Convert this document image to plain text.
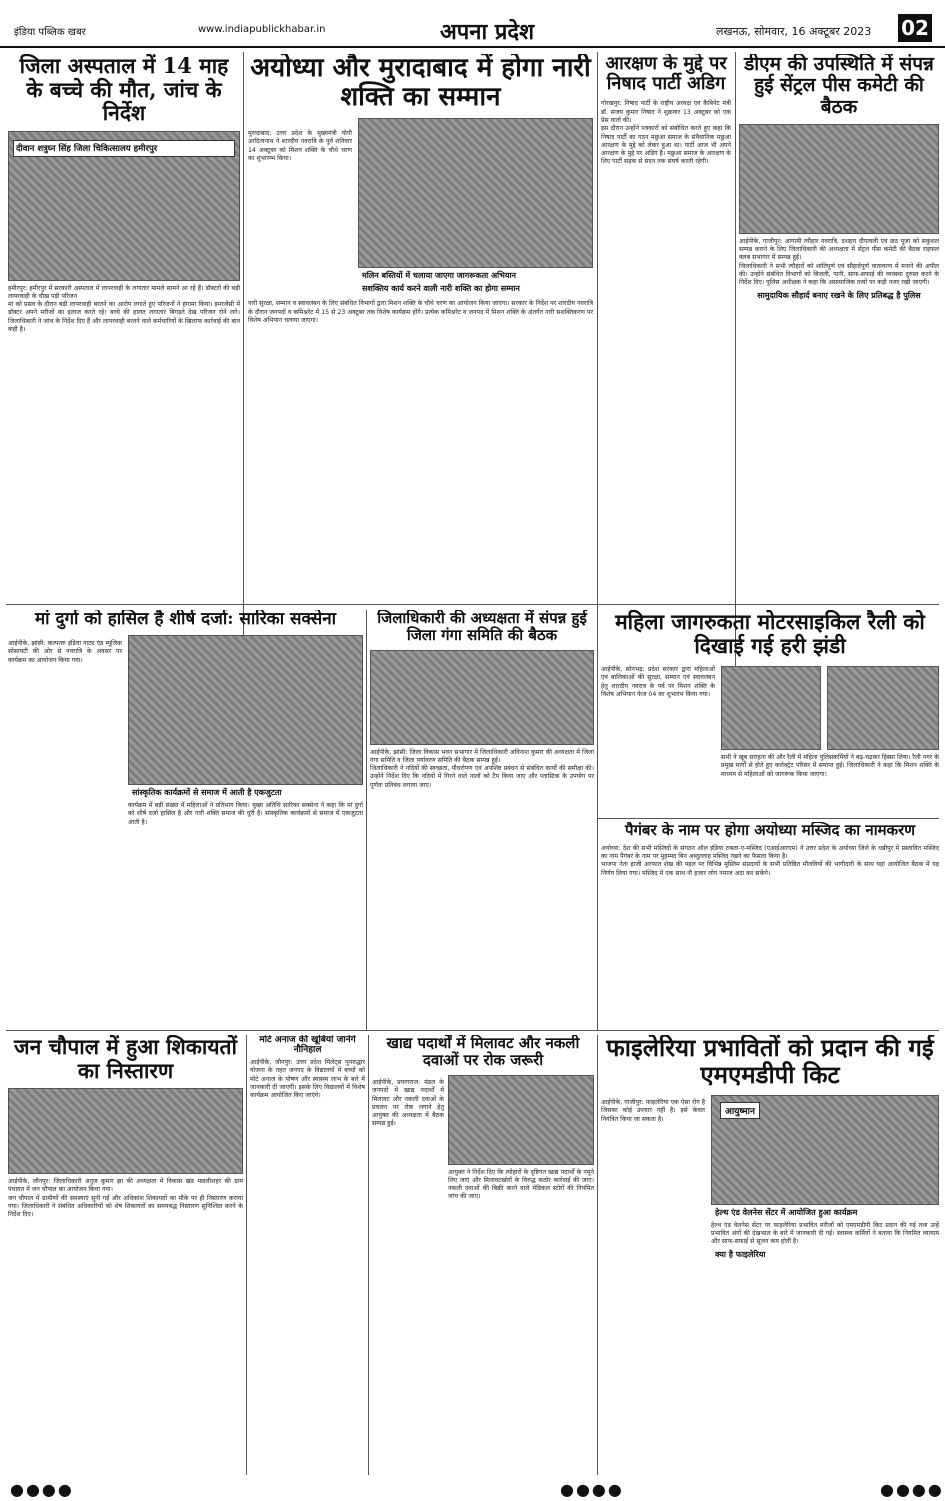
इंडिया पब्लिक खबर	www.indiapublickhabar.in	अपना प्रदेश	लखनऊ, सोमवार, 16 अक्टूबर 2023 02
जिला अस्पताल में 14 माह के बच्चे की मौत, जांच के निर्देश
दीवान शत्रुघ्न सिंह जिला चिकित्सालय हमीरपुर
हमीरपुर: हमीरपुर में सरकारी अस्पताल में लापरवाही के लगातार मामले सामने आ रहे हैं। डॉक्टरों की बड़ी लापरवाही के चीख पड़ी परिजन
मां को प्रसव के दौरान बड़ी लापरवाही बरतने का आरोप लगाते हुए परिजनों ने हंगामा किया। इमरजेंसी में डॉक्टर अपने मरीजों का इलाज करते रहे। बच्चे की हालत लगातार बिगड़ते देख परिजन रोने लगे। जिलाधिकारी ने जांच के निर्देश दिए हैं और लापरवाही बरतने वाले कर्मचारियों के खिलाफ कार्रवाई की बात कही है।
अयोध्या और मुरादाबाद में होगा नारी शक्ति का सम्मान
मुरादाबाद: उत्तर प्रदेश के मुख्यमंत्री योगी आदित्यनाथ ने शारदीय नवरात्रि के पूर्व शनिवार 14 अक्टूबर को मिशन शक्ति के चौथे चरण का शुभारम्भ किया।
मलिन बस्तियों में चलाया जाएगा जागरूकता अभियान
सशक्तिय कार्य करने वाली नारी शक्ति का होगा सम्मान
नारी सुरक्षा, सम्मान व स्वावलंबन के लिए संबंधित विभागों द्वारा मिशन शक्ति के चौथे चरण का आयोजन किया जाएगा। सरकार के निर्देश पर शारदीय नवरात्रि के दौरान जनपदों व कमिश्नरेट में 15 से 23 अक्टूबर तक विशेष कार्यक्रम होंगे। प्रत्येक कमिश्नरेट व जनपद में मिशन शक्ति के अंतर्गत नारी सशक्तिकरण पर विशेष अभियान चलाया जाएगा।
आरक्षण के मुद्दे पर निषाद पार्टी अडिग
गोरखपुर: निषाद पार्टी के राष्ट्रीय अध्यक्ष एवं कैबिनेट मंत्री डॉ. संजय कुमार निषाद ने शुक्रवार 13 अक्टूबर को एक प्रेस वार्ता की।
इस दौरान उन्होंने पत्रकारों को संबोधित करते हुए कहा कि निषाद पार्टी का गठन मछुआ समाज के संवैधानिक मछुआ आरक्षण के मुद्दे को लेकर हुआ था। पार्टी आज भी अपने आरक्षण के मुद्दे पर अडिग है। मछुआ समाज के आरक्षण के लिए पार्टी सड़क से सदन तक संघर्ष करती रहेगी।
डीएम की उपस्थिति में संपन्न हुई सेंट्रल पीस कमेटी की बैठक
आईपीके, गाजीपुर: आगामी त्यौहार नवरात्रि, दशहरा दीपावली एवं छठ पूजा को सकुशल सम्पन्न कराने के लिए जिलाधिकारी की अध्यक्षता में सेंट्रल पीस कमेटी की बैठक राइफल क्लब सभागार में सम्पन्न हुई।
जिलाधिकारी ने सभी त्यौहारों को शांतिपूर्ण एवं सौहार्दपूर्ण वातावरण में मनाने की अपील की। उन्होंने संबंधित विभागों को बिजली, पानी, साफ-सफाई की व्यवस्था दुरुस्त करने के निर्देश दिए। पुलिस अधीक्षक ने कहा कि असामाजिक तत्वों पर कड़ी नजर रखी जाएगी।
सामुदायिक सौहार्द बनाए रखने के लिए प्रतिबद्ध है पुलिस
मां दुर्गा को हासिल है शीर्ष दर्जा: सारिका सक्सेना
आईपीके, झांसी: कल्पतरु इंडिया नाट्य एंड म्यूजिक सोसायटी की ओर से नवरात्रि के अवसर पर कार्यक्रम का आयोजन किया गया।
सांस्कृतिक कार्यक्रमों से समाज में आती है एकजुटता
कार्यक्रम में बड़ी संख्या में महिलाओं ने प्रतिभाग किया। मुख्य अतिथि सारिका सक्सेना ने कहा कि मां दुर्गा को शीर्ष दर्जा हासिल है और नारी शक्ति समाज की धुरी है। सांस्कृतिक कार्यक्रमों से समाज में एकजुटता आती है।
जिलाधिकारी की अध्यक्षता में संपन्न हुई जिला गंगा समिति की बैठक
आईपीके, झांसी: जिला विकास भवन सभागार में जिलाधिकारी अविनाश कुमार की अध्यक्षता में जिला गंगा समिति व जिला पर्यावरण समिति की बैठक सम्पन्न हुई।
जिलाधिकारी ने नदियों की स्वच्छता, पौधरोपण एवं अपशिष्ट प्रबंधन से संबंधित कार्यों की समीक्षा की। उन्होंने निर्देश दिए कि नदियों में गिरने वाले नालों को टैप किया जाए और प्लास्टिक के उपयोग पर पूर्णतः प्रतिबंध लगाया जाए।
महिला जागरुकता मोटरसाइकिल रैली को दिखाई गई हरी झंडी
आईपीके, सोनभद्र: प्रदेश सरकार द्वारा महिलाओं एवं बालिकाओं की सुरक्षा, सम्मान एवं स्वावलंबन हेतु शारदीय नवरात्र के पर्व पर मिशन शक्ति के विशेष अभियान फेज 04 का शुभारंभ किया गया।
सभी ने खूब सराहना की और रैली में महिला पुलिसकर्मियों ने बढ़-चढ़कर हिस्सा लिया। रैली नगर के प्रमुख मार्गों से होते हुए कलेक्ट्रेट परिसर में समाप्त हुई। जिलाधिकारी ने कहा कि मिशन शक्ति के माध्यम से महिलाओं को जागरूक किया जाएगा।
पैगंबर के नाम पर होगा अयोध्या मस्जिद का नामकरण
अयोध्या: देश की सभी मस्जिदों के संगठन ऑल इंडिया राबता-ए-मस्जिद (एआईआरएम) ने उत्तर प्रदेश के अयोध्या जिले के धन्नीपुर में प्रस्तावित मस्जिद का नाम पैगंबर के नाम पर मुहम्मद बिन अब्दुल्लाह मस्जिद रखने का फैसला किया है।
भाजपा नेता हाजी अरफात शेख की पहल पर विभिन्न मुस्लिम संप्रदायों के सभी प्रतिष्ठित मौलवियों की भागीदारी के साथ यहां आयोजित बैठक में यह निर्णय लिया गया। मस्जिद में एक साथ नौ हजार लोग नमाज अदा कर सकेंगे।
जन चौपाल में हुआ शिकायतों का निस्तारण
आईपीके, जौनपुर: जिलाधिकारी अनुज कुमार झा की अध्यक्षता में विकास खंड मछलीशहर की ग्राम पंचायत में जन चौपाल का आयोजन किया गया।
जन चौपाल में ग्रामीणों की समस्याएं सुनी गईं और अधिकांश शिकायतों का मौके पर ही निस्तारण कराया गया। जिलाधिकारी ने संबंधित अधिकारियों को शेष शिकायतों का समयबद्ध निस्तारण सुनिश्चित करने के निर्देश दिए।
मोटे अनाज की खूबियां जानेंगे नौनिहाल
आईपीके, जौनपुर: उत्तर प्रदेश मिलेट्स पुनरुद्धार योजना के तहत जनपद के विद्यालयों में बच्चों को मोटे अनाज के पोषण और स्वास्थ्य लाभ के बारे में जानकारी दी जाएगी। इसके लिए विद्यालयों में विशेष कार्यक्रम आयोजित किए जाएंगे।
खाद्य पदार्थों में मिलावट और नकली दवाओं पर रोक जरूरी
आईपीके, प्रयागराज: मंडल के जनपदों में खाद्य पदार्थों में मिलावट और नकली दवाओं के प्रचलन पर रोक लगाने हेतु आयुक्त की अध्यक्षता में बैठक सम्पन्न हुई।
आयुक्त ने निर्देश दिए कि त्योहारों के दृष्टिगत खाद्य पदार्थों के नमूने लिए जाएं और मिलावटखोरों के विरुद्ध कठोर कार्रवाई की जाए। नकली दवाओं की बिक्री करने वाले मेडिकल स्टोरों की नियमित जांच की जाए।
फाइलेरिया प्रभावितों को प्रदान की गई एमएमडीपी किट
आयुष्मान
आईपीके, गाजीपुर: फाइलेरिया एक ऐसा रोग है जिसका कोई उपचार नहीं है। इसे केवल नियंत्रित किया जा सकता है।
हेल्थ एंड वेलनेस सेंटर में आयोजित हुआ कार्यक्रम
हेल्थ एंड वेलनेस सेंटर पर फाइलेरिया प्रभावित मरीजों को एमएमडीपी किट प्रदान की गई तथा उन्हें प्रभावित अंगों की देखभाल के बारे में जानकारी दी गई। स्वास्थ्य कर्मियों ने बताया कि नियमित व्यायाम और साफ-सफाई से सूजन कम होती है।
क्या है फाइलेरिया
●●●●	●●●●	●●●●
